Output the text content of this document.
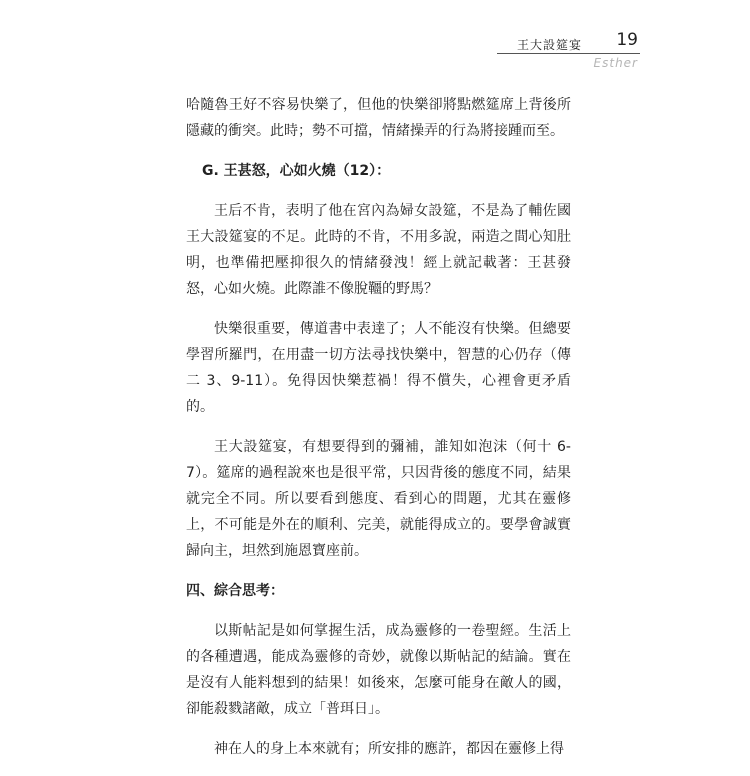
王大設筵宴 19
Esther

哈隨魯王好不容易快樂了，但他的快樂卻將點燃筵席上背後所隱藏的衝突。此時；勢不可擋，情緒操弄的行為將接踵而至。

G. 王甚怒，心如火燒（12）：

王后不肯，表明了他在宮內為婦女設筵，不是為了輔佐國王大設筵宴的不足。此時的不肯，不用多說，兩造之間心知肚明，也準備把壓抑很久的情緒發洩！經上就記載著：王甚發怒，心如火燒。此際誰不像脫韁的野馬？

快樂很重要，傳道書中表達了；人不能沒有快樂。但總要學習所羅門，在用盡一切方法尋找快樂中，智慧的心仍存（傳二 3、9-11）。免得因快樂惹禍！得不償失，心裡會更矛盾的。

王大設筵宴，有想要得到的彌補，誰知如泡沫（何十 6-7）。筵席的過程說來也是很平常，只因背後的態度不同，結果就完全不同。所以要看到態度、看到心的問題，尤其在靈修上，不可能是外在的順利、完美，就能得成立的。要學會誠實歸向主，坦然到施恩寶座前。

四、綜合思考：

以斯帖記是如何掌握生活，成為靈修的一卷聖經。生活上的各種遭遇，能成為靈修的奇妙，就像以斯帖記的結論。實在是沒有人能料想到的結果！如後來，怎麼可能身在敵人的國，卻能殺戮諸敵，成立「普珥日」。

神在人的身上本來就有；所安排的應許，都因在靈修上得
